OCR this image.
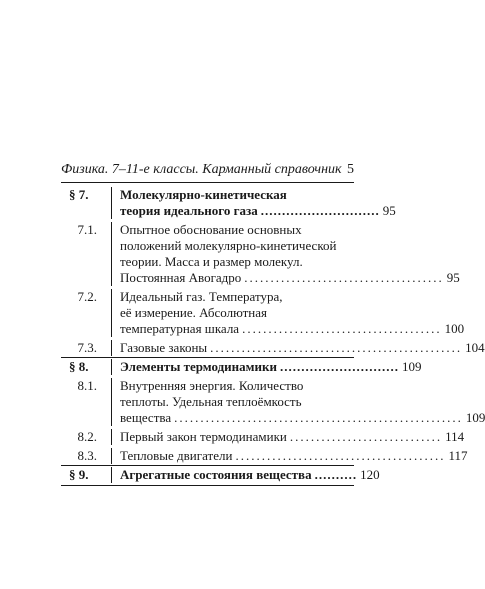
Физика. 7–11-е классы. Карманный справочник 5
§ 7.	Молекулярно-кинетическая
теория идеального газа ............................ 95
7.1.	Опытное обоснование основных
положений молекулярно-кинетической
теории. Масса и размер молекул.
Постоянная Авогадро ...................................... 95
7.2.	Идеальный газ. Температура,
её измерение. Абсолютная
температурная шкала ...................................... 100
7.3.	Газовые законы ................................................ 104
§ 8.	Элементы термодинамики ............................ 109
8.1.	Внутренняя энергия. Количество
теплоты. Удельная теплоёмкость
вещества ....................................................... 109
8.2.	Первый закон термодинамики ............................. 114
8.3.	Тепловые двигатели ........................................ 117
§ 9.	Агрегатные состояния вещества .......... 120
